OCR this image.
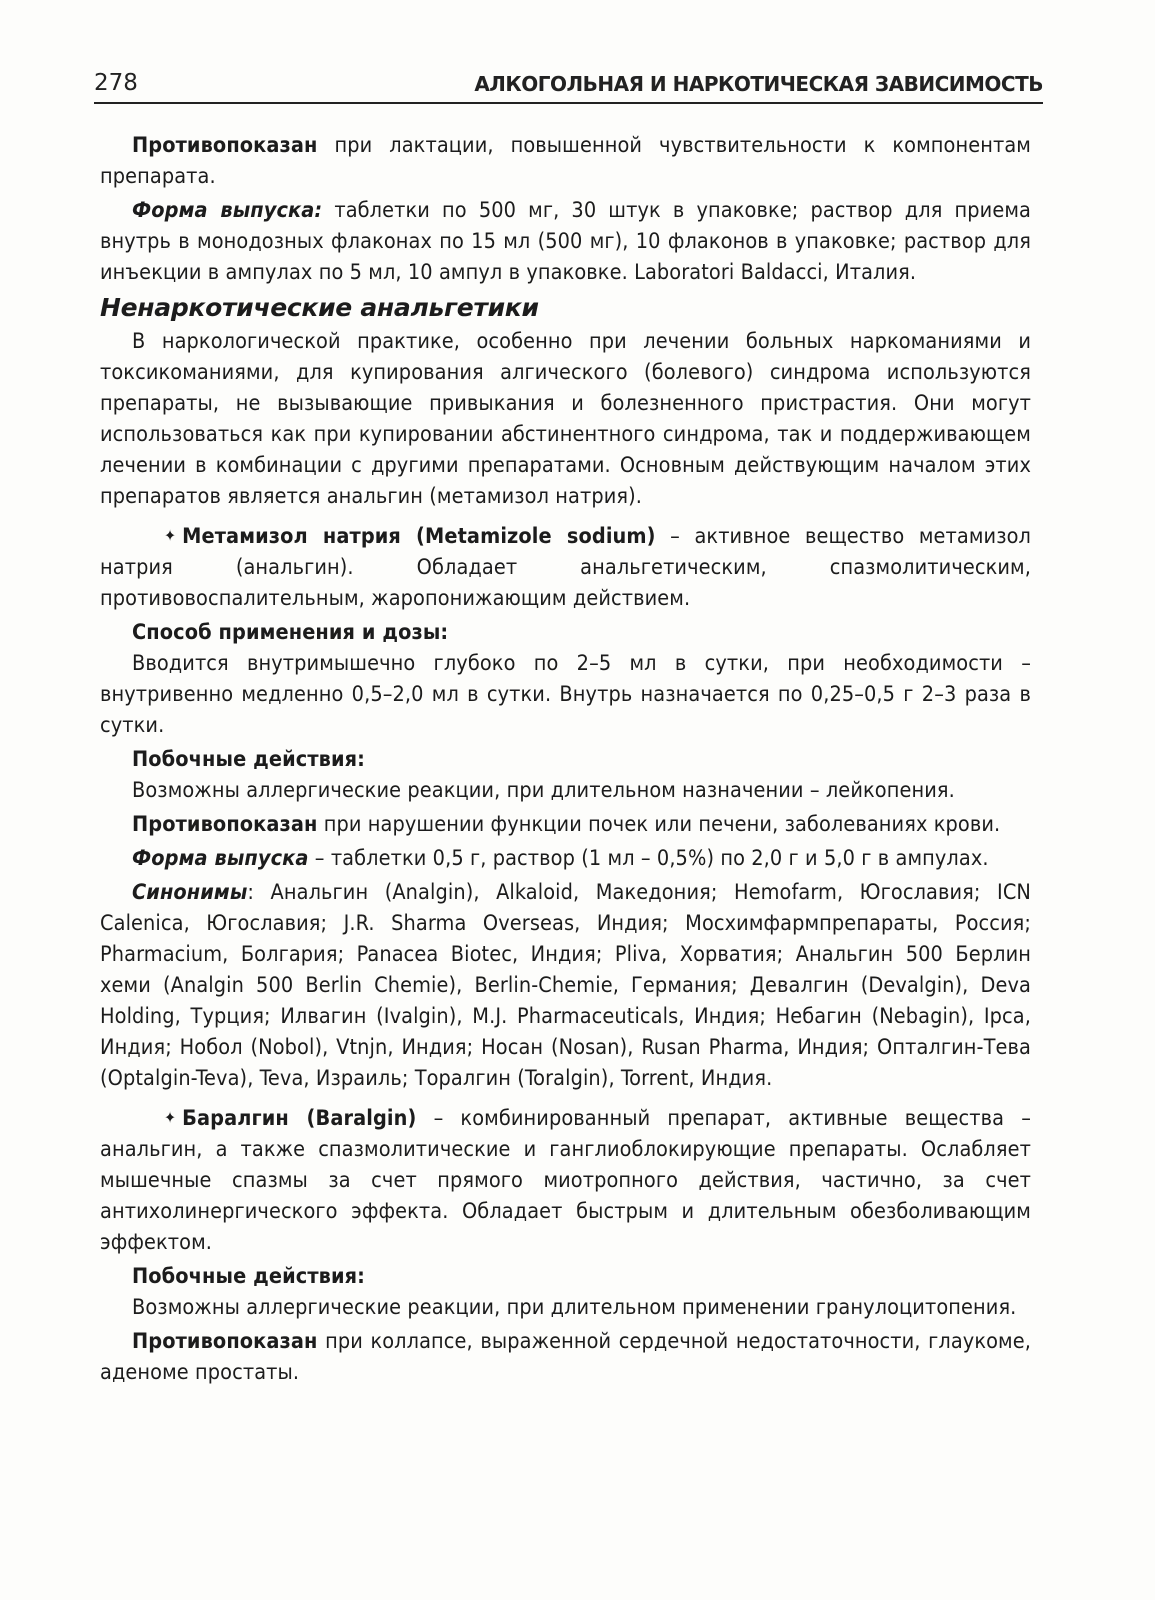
278	АЛКОГОЛЬНАЯ И НАРКОТИЧЕСКАЯ ЗАВИСИМОСТЬ

Противопоказан при лактации, повышенной чувствительности к компонентам препарата.

Форма выпуска: таблетки по 500 мг, 30 штук в упаковке; раствор для приема внутрь в монодозных флаконах по 15 мл (500 мг), 10 флаконов в упаковке; раствор для инъекции в ампулах по 5 мл, 10 ампул в упаковке. Laboratori Baldacci, Италия.

Ненаркотические анальгетики

В наркологической практике, особенно при лечении больных наркоманиями и токсикоманиями, для купирования алгического (болевого) синдрома используются препараты, не вызывающие привыкания и болезненного пристрастия. Они могут использоваться как при купировании абстинентного синдрома, так и поддерживающем лечении в комбинации с другими препаратами. Основным действующим началом этих препаратов является анальгин (метамизол натрия).

✦ Метамизол натрия (Metamizole sodium) – активное вещество метамизол натрия (анальгин). Обладает анальгетическим, спазмолитическим, противовоспалительным, жаропонижающим действием.

Способ применения и дозы:

Вводится внутримышечно глубоко по 2–5 мл в сутки, при необходимости – внутривенно медленно 0,5–2,0 мл в сутки. Внутрь назначается по 0,25–0,5 г 2–3 раза в сутки.

Побочные действия:

Возможны аллергические реакции, при длительном назначении – лейкопения.

Противопоказан при нарушении функции почек или печени, заболеваниях крови.

Форма выпуска – таблетки 0,5 г, раствор (1 мл – 0,5%) по 2,0 г и 5,0 г в ампулах.

Синонимы: Анальгин (Analgin), Alkaloid, Македония; Hemofarm, Югославия; ICN Calenica, Югославия; J.R. Sharma Overseas, Индия; Мосхимфармпрепараты, Россия; Pharmacium, Болгария; Panacea Biotec, Индия; Pliva, Хорватия; Анальгин 500 Берлин хеми (Analgin 500 Berlin Chemie), Berlin-Chemie, Германия; Девалгин (Devalgin), Deva Holding, Турция; Илвагин (Ivalgin), M.J. Pharmaceuticals, Индия; Небагин (Nebagin), Ipca, Индия; Нобол (Nobol), Vtnjn, Индия; Носан (Nosan), Rusan Pharma, Индия; Опталгин-Тева (Optalgin-Teva), Teva, Израиль; Торалгин (Toralgin), Torrent, Индия.

✦ Баралгин (Baralgin) – комбинированный препарат, активные вещества – анальгин, а также спазмолитические и ганглиоблокирующие препараты. Ослабляет мышечные спазмы за счет прямого миотропного действия, частично, за счет антихолинергического эффекта. Обладает быстрым и длительным обезболивающим эффектом.

Побочные действия:

Возможны аллергические реакции, при длительном применении гранулоцитопения.

Противопоказан при коллапсе, выраженной сердечной недостаточности, глаукоме, аденоме простаты.
